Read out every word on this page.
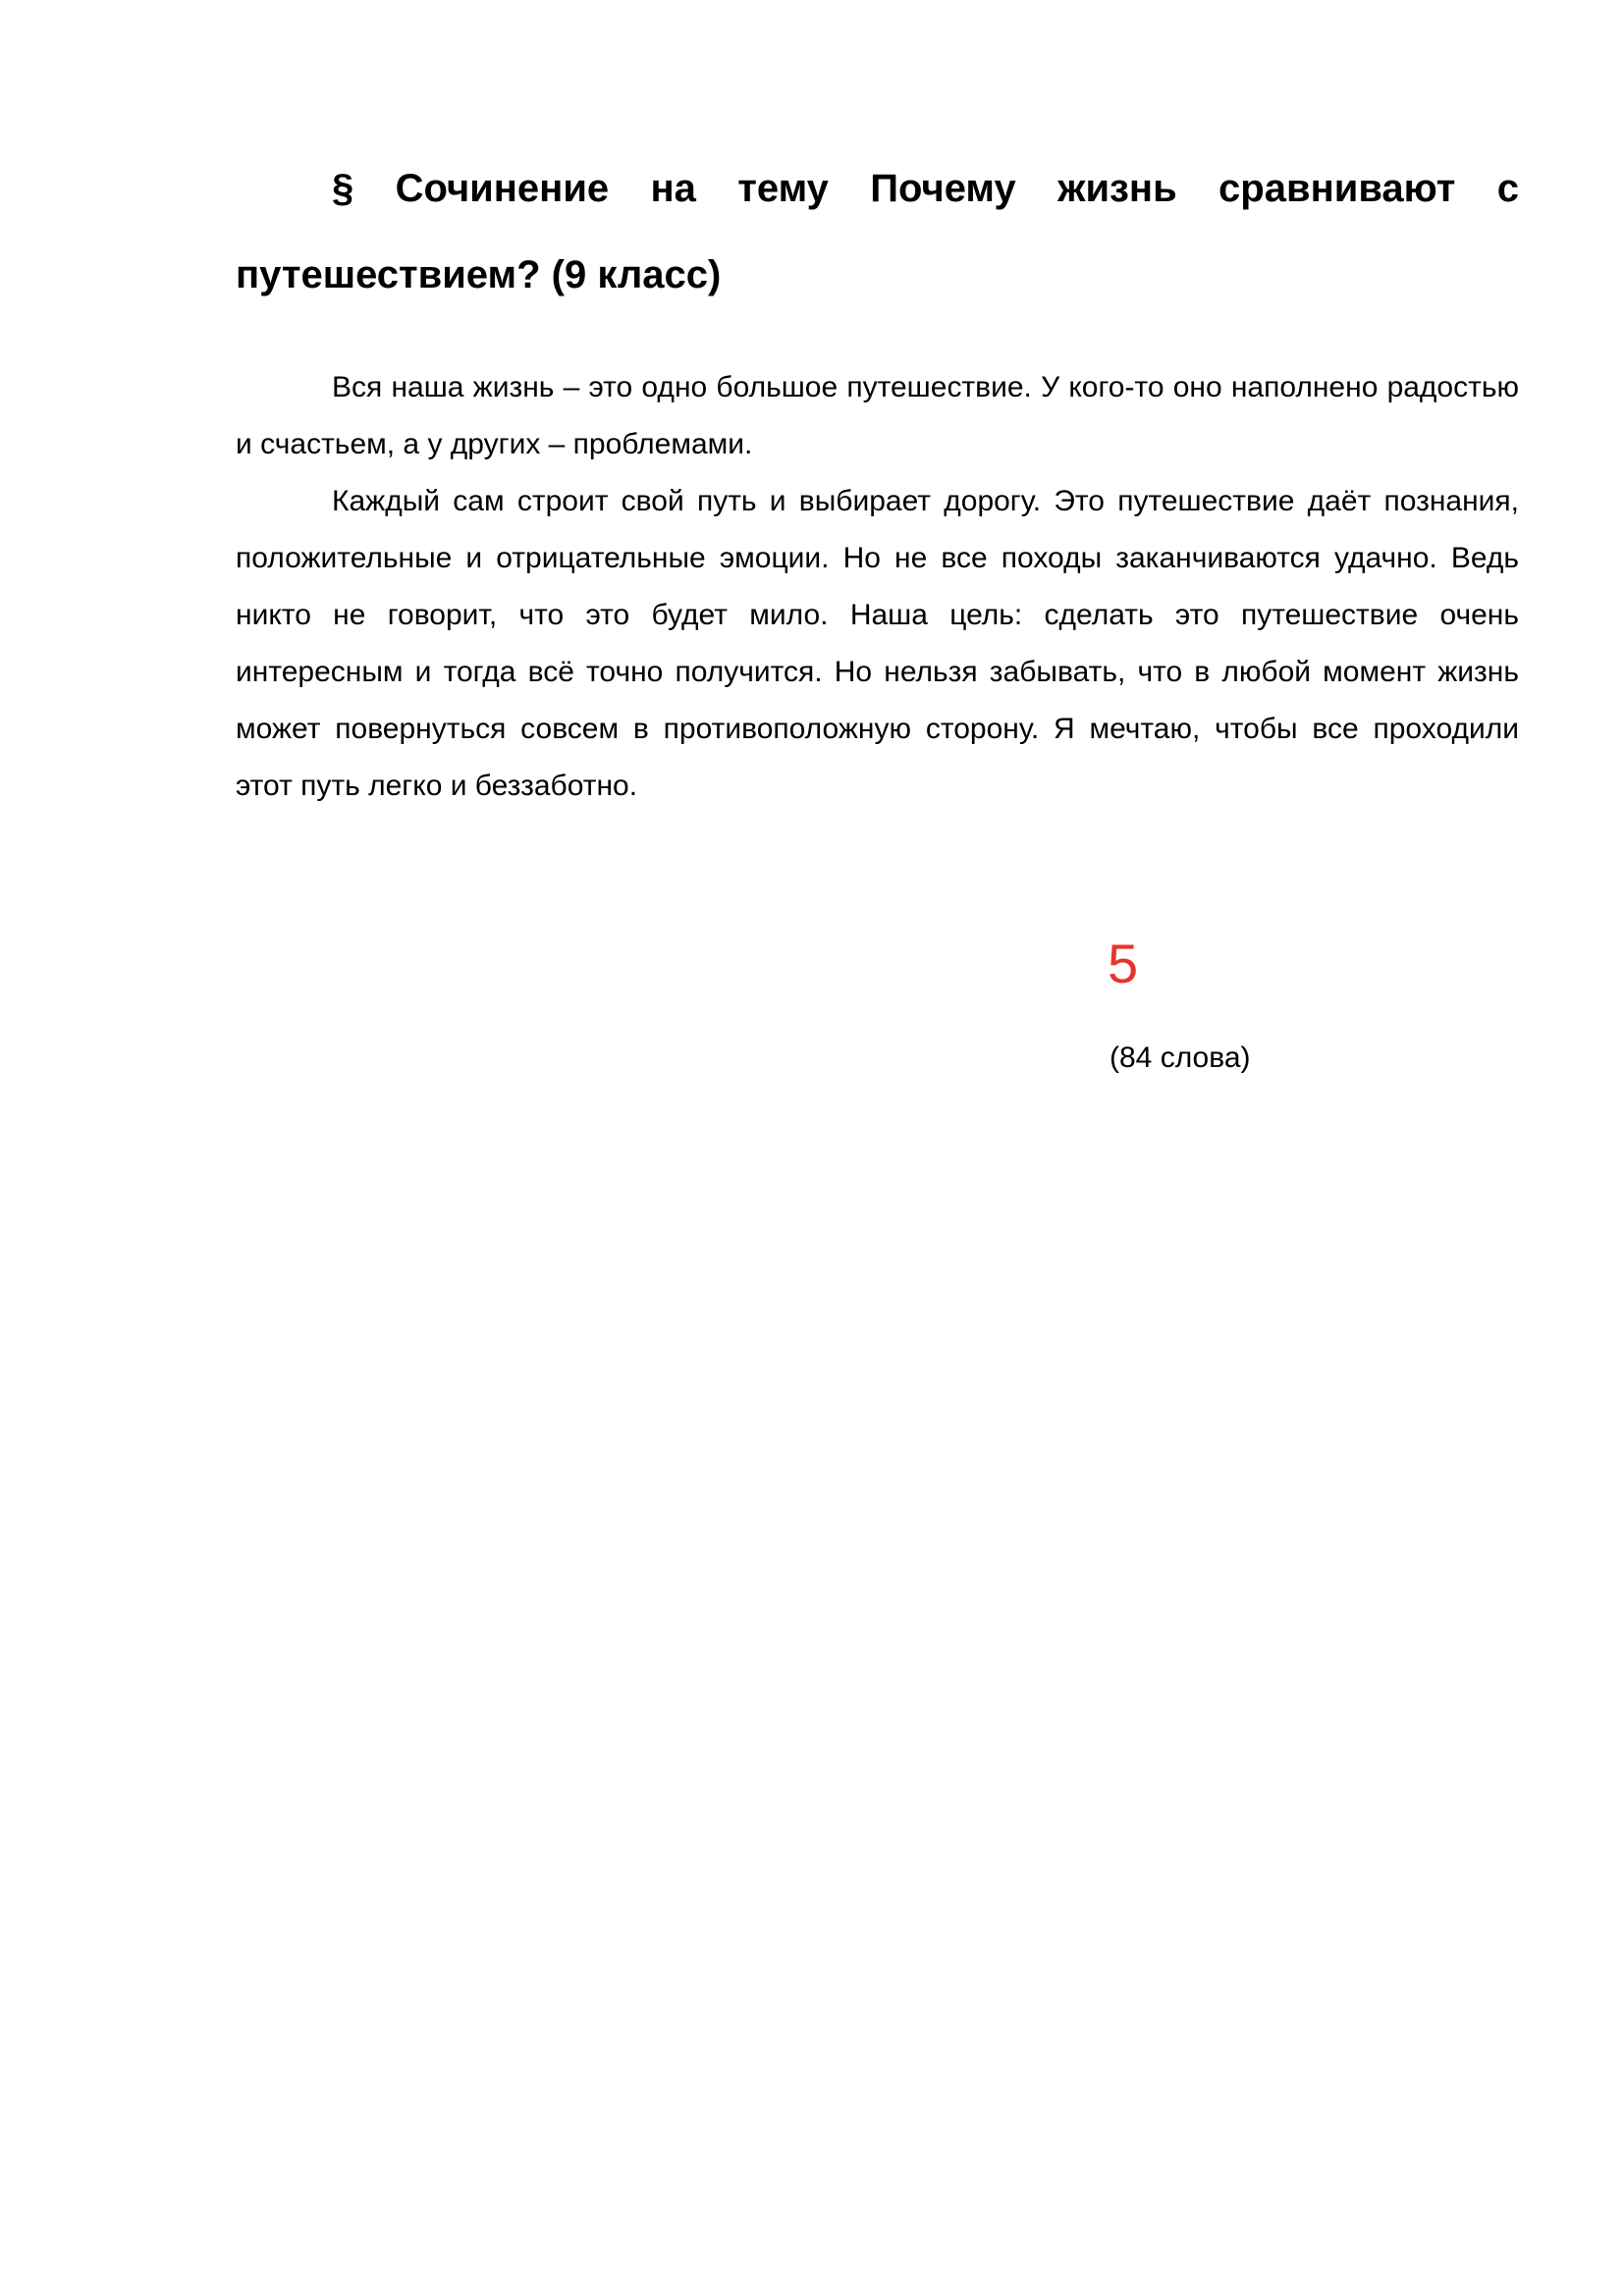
§ Сочинение на тему Почему жизнь сравнивают с путешествием? (9 класс)

Вся наша жизнь – это одно большое путешествие. У кого-то оно наполнено радостью и счастьем, а у других – проблемами.

Каждый сам строит свой путь и выбирает дорогу. Это путешествие даёт познания, положительные и отрицательные эмоции. Но не все походы заканчиваются удачно. Ведь никто не говорит, что это будет мило. Наша цель: сделать это путешествие очень интересным и тогда всё точно получится. Но нельзя забывать, что в любой момент жизнь может повернуться совсем в противоположную сторону. Я мечтаю, чтобы все проходили этот путь легко и беззаботно.

5
(84 слова)
